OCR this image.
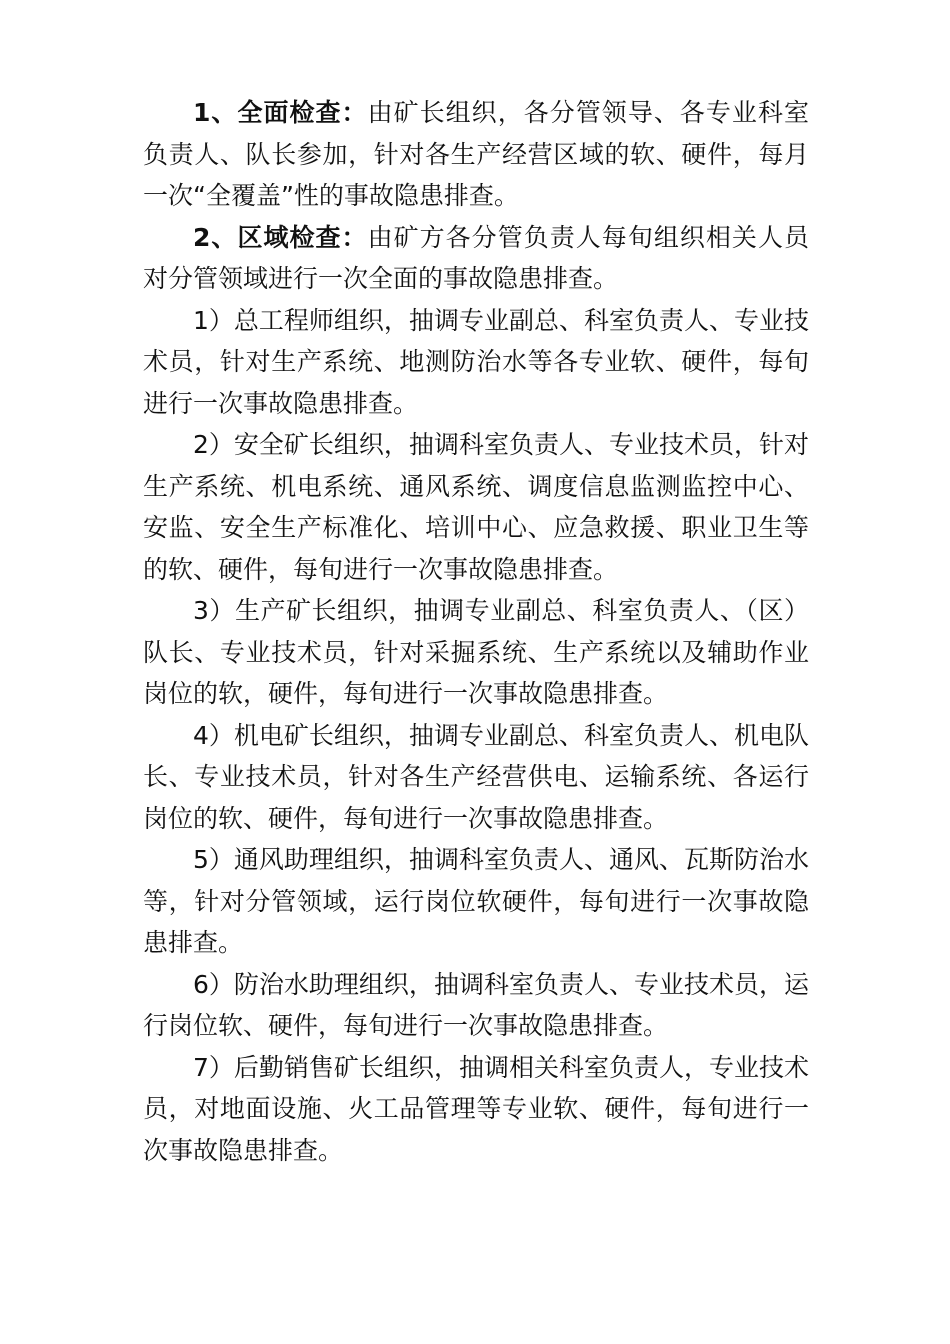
1、全面检查：由矿长组织，各分管领导、各专业科室负责人、队长参加，针对各生产经营区域的软、硬件，每月一次“全覆盖”性的事故隐患排查。

2、区域检查：由矿方各分管负责人每旬组织相关人员对分管领域进行一次全面的事故隐患排查。

1）总工程师组织，抽调专业副总、科室负责人、专业技术员，针对生产系统、地测防治水等各专业软、硬件，每旬进行一次事故隐患排查。

2）安全矿长组织，抽调科室负责人、专业技术员，针对生产系统、机电系统、通风系统、调度信息监测监控中心、安监、安全生产标准化、培训中心、应急救援、职业卫生等的软、硬件，每旬进行一次事故隐患排查。

3）生产矿长组织，抽调专业副总、科室负责人、（区）队长、专业技术员，针对采掘系统、生产系统以及辅助作业岗位的软，硬件，每旬进行一次事故隐患排查。

4）机电矿长组织，抽调专业副总、科室负责人、机电队长、专业技术员，针对各生产经营供电、运输系统、各运行岗位的软、硬件，每旬进行一次事故隐患排查。

5）通风助理组织，抽调科室负责人、通风、瓦斯防治水等，针对分管领域，运行岗位软硬件，每旬进行一次事故隐患排查。

6）防治水助理组织，抽调科室负责人、专业技术员，运行岗位软、硬件，每旬进行一次事故隐患排查。

7）后勤销售矿长组织，抽调相关科室负责人，专业技术员，对地面设施、火工品管理等专业软、硬件，每旬进行一次事故隐患排查。
